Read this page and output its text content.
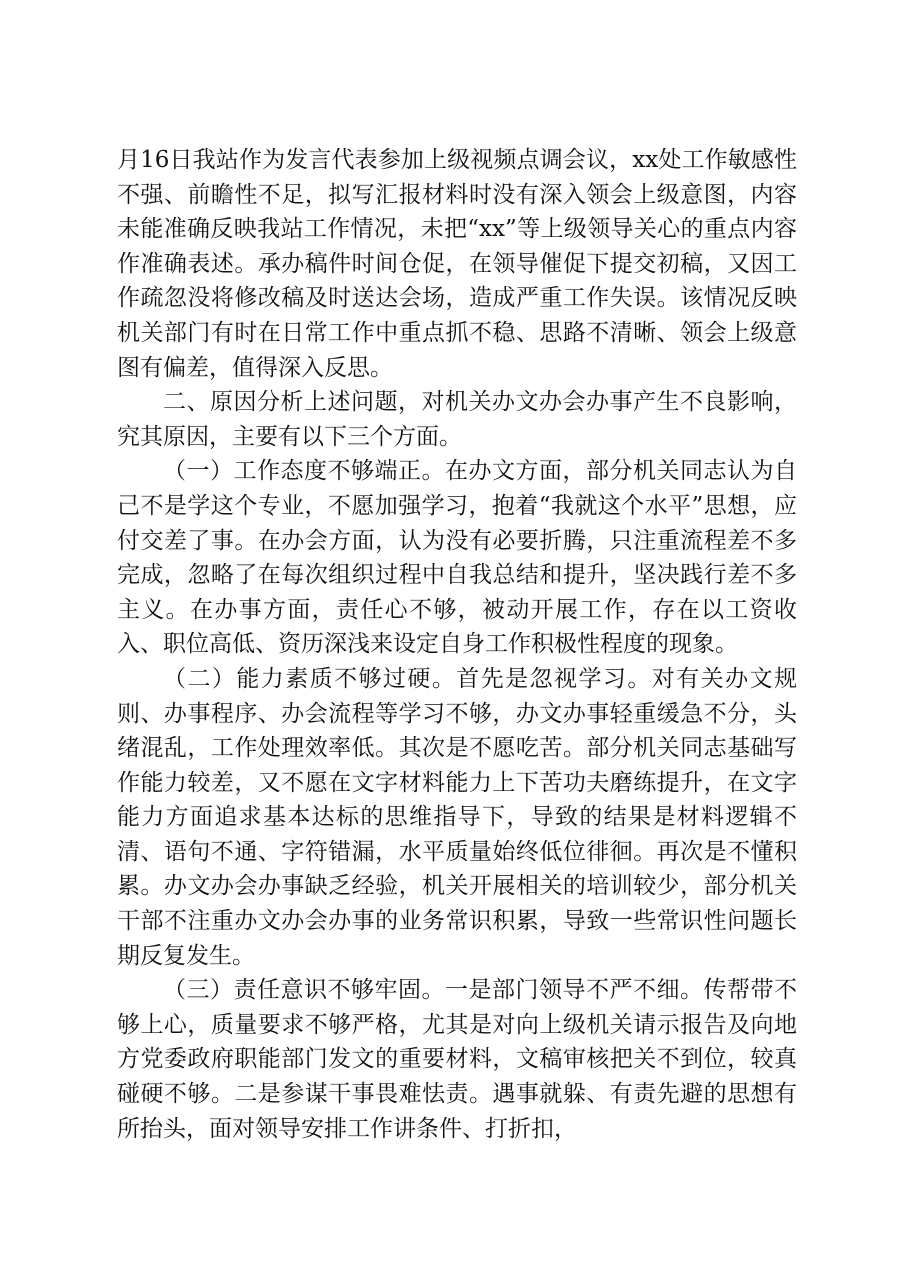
月16日我站作为发言代表参加上级视频点调会议，xx处工作敏感性不强、前瞻性不足，拟写汇报材料时没有深入领会上级意图，内容未能准确反映我站工作情况，未把“xx”等上级领导关心的重点内容作准确表述。承办稿件时间仓促，在领导催促下提交初稿，又因工作疏忽没将修改稿及时送达会场，造成严重工作失误。该情况反映机关部门有时在日常工作中重点抓不稳、思路不清晰、领会上级意图有偏差，值得深入反思。

二、原因分析上述问题，对机关办文办会办事产生不良影响，究其原因，主要有以下三个方面。

（一）工作态度不够端正。在办文方面，部分机关同志认为自己不是学这个专业，不愿加强学习，抱着“我就这个水平”思想，应付交差了事。在办会方面，认为没有必要折腾，只注重流程差不多完成，忽略了在每次组织过程中自我总结和提升，坚决践行差不多主义。在办事方面，责任心不够，被动开展工作，存在以工资收入、职位高低、资历深浅来设定自身工作积极性程度的现象。

（二）能力素质不够过硬。首先是忽视学习。对有关办文规则、办事程序、办会流程等学习不够，办文办事轻重缓急不分，头绪混乱，工作处理效率低。其次是不愿吃苦。部分机关同志基础写作能力较差，又不愿在文字材料能力上下苦功夫磨练提升，在文字能力方面追求基本达标的思维指导下，导致的结果是材料逻辑不清、语句不通、字符错漏，水平质量始终低位徘徊。再次是不懂积累。办文办会办事缺乏经验，机关开展相关的培训较少，部分机关干部不注重办文办会办事的业务常识积累，导致一些常识性问题长期反复发生。

（三）责任意识不够牢固。一是部门领导不严不细。传帮带不够上心，质量要求不够严格，尤其是对向上级机关请示报告及向地方党委政府职能部门发文的重要材料，文稿审核把关不到位，较真碰硬不够。二是参谋干事畏难怯责。遇事就躲、有责先避的思想有所抬头，面对领导安排工作讲条件、打折扣，
